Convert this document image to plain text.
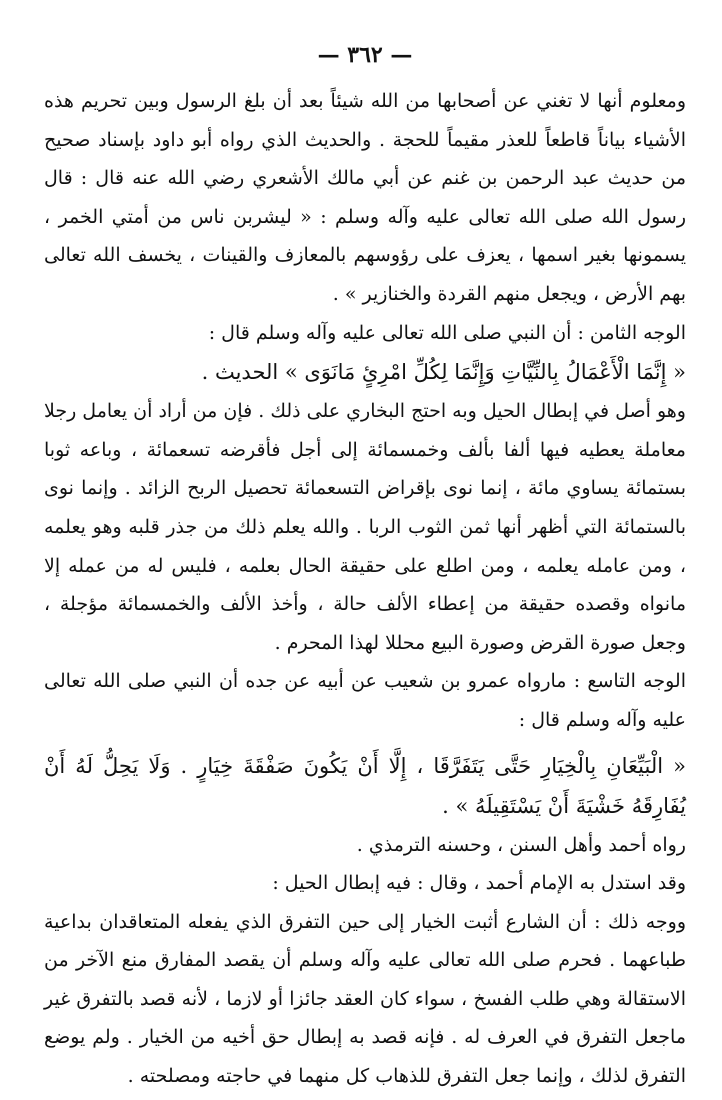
— ٣٦٢ —

ومعلوم أنها لا تغني عن أصحابها من الله شيئاً بعد أن بلغ الرسول وبين تحريم هذه الأشياء بياناً قاطعاً للعذر مقيماً للحجة . والحديث الذي رواه أبو داود بإسناد صحيح من حديث عبد الرحمن بن غنم عن أبي مالك الأشعري رضي الله عنه قال : قال رسول الله صلى الله تعالى عليه وآله وسلم : « ليشربن ناس من أمتي الخمر ، يسمونها بغير اسمها ، يعزف على رؤوسهم بالمعازف والقينات ، يخسف الله تعالى بهم الأرض ، ويجعل منهم القردة والخنازير » .

الوجه الثامن : أن النبي صلى الله تعالى عليه وآله وسلم قال :

« إِنَّمَا الْأَعْمَالُ بِالنِّيَّاتِ وَإِنَّمَا لِكُلِّ امْرِئٍ مَانَوَى » الحديث .

وهو أصل في إبطال الحيل وبه احتج البخاري على ذلك . فإن من أراد أن يعامل رجلا معاملة يعطيه فيها ألفا بألف وخمسمائة إلى أجل فأقرضه تسعمائة ، وباعه ثوبا بستمائة يساوي مائة ، إنما نوى بإقراض التسعمائة تحصيل الربح الزائد . وإنما نوى بالستمائة التي أظهر أنها ثمن الثوب الربا . والله يعلم ذلك من جذر قلبه وهو يعلمه ، ومن عامله يعلمه ، ومن اطلع على حقيقة الحال بعلمه ، فليس له من عمله إلا مانواه وقصده حقيقة من إعطاء الألف حالة ، وأخذ الألف والخمسمائة مؤجلة ، وجعل صورة القرض وصورة البيع محللا لهذا المحرم .

الوجه التاسع : مارواه عمرو بن شعيب عن أبيه عن جده أن النبي صلى الله تعالى عليه وآله وسلم قال :

« الْبَيِّعَانِ بِالْخِيَارِ حَتَّى يَتَفَرَّقَا ، إِلَّا أَنْ يَكُونَ صَفْقَةَ خِيَارٍ . وَلَا يَحِلُّ لَهُ أَنْ يُفَارِقَهُ خَشْيَةَ أَنْ يَسْتَقِيلَهُ » .

رواه أحمد وأهل السنن ، وحسنه الترمذي .

وقد استدل به الإمام أحمد ، وقال : فيه إبطال الحيل :

ووجه ذلك : أن الشارع أثبت الخيار إلى حين التفرق الذي يفعله المتعاقدان بداعية طباعهما . فحرم صلى الله تعالى عليه وآله وسلم أن يقصد المفارق منع الآخر من الاستقالة وهي طلب الفسخ ، سواء كان العقد جائزا أو لازما ، لأنه قصد بالتفرق غير ماجعل التفرق في العرف له . فإنه قصد به إبطال حق أخيه من الخيار . ولم يوضع التفرق لذلك ، وإنما جعل التفرق للذهاب كل منهما في حاجته ومصلحته .
